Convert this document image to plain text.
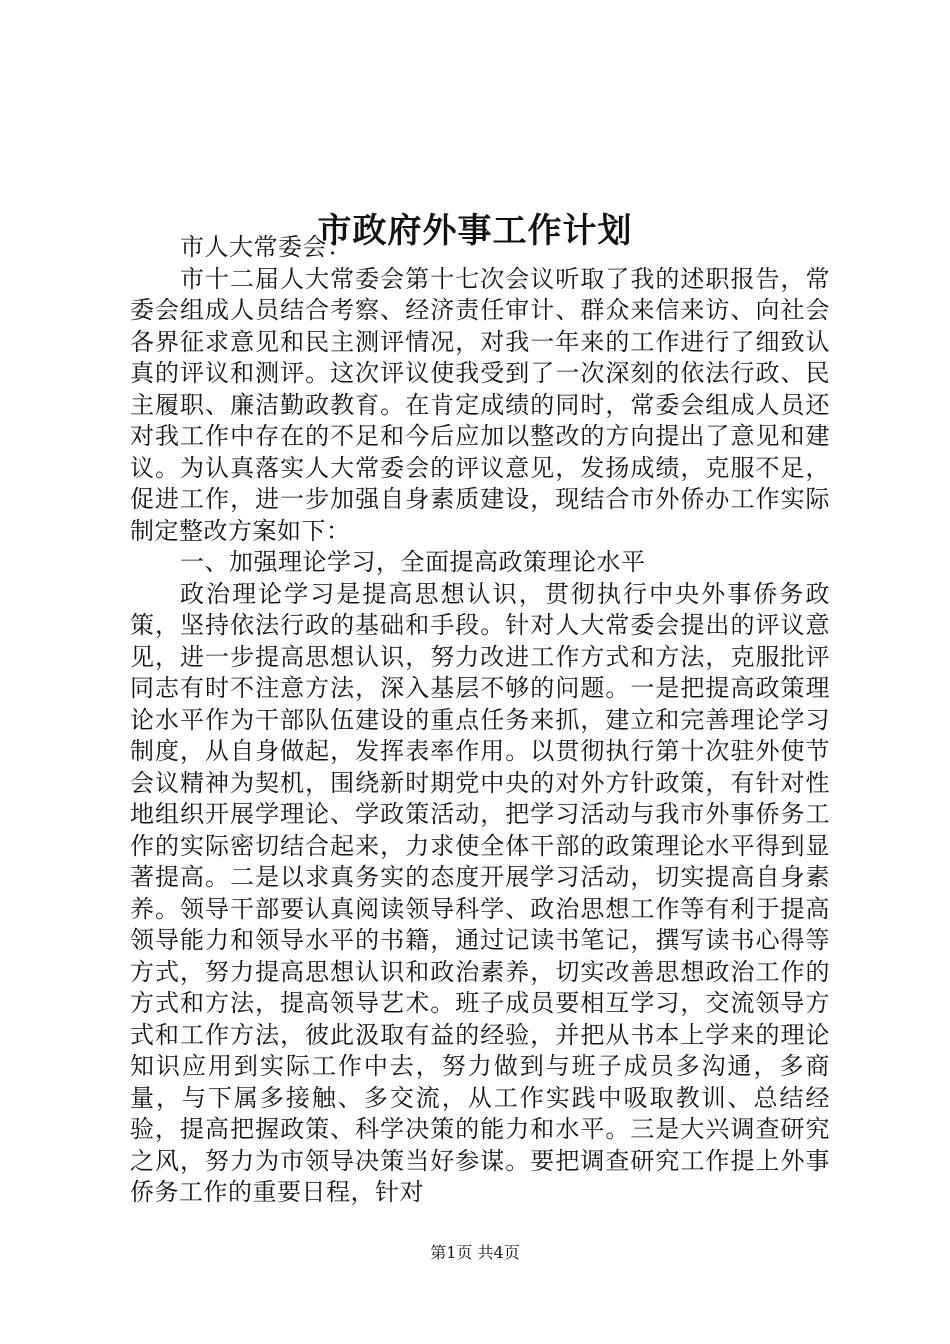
市政府外事工作计划

市人大常委会：

市十二届人大常委会第十七次会议听取了我的述职报告，常委会组成人员结合考察、经济责任审计、群众来信来访、向社会各界征求意见和民主测评情况，对我一年来的工作进行了细致认真的评议和测评。这次评议使我受到了一次深刻的依法行政、民主履职、廉洁勤政教育。在肯定成绩的同时，常委会组成人员还对我工作中存在的不足和今后应加以整改的方向提出了意见和建议。为认真落实人大常委会的评议意见，发扬成绩，克服不足，促进工作，进一步加强自身素质建设，现结合市外侨办工作实际制定整改方案如下：

一、加强理论学习，全面提高政策理论水平

政治理论学习是提高思想认识，贯彻执行中央外事侨务政策，坚持依法行政的基础和手段。针对人大常委会提出的评议意见，进一步提高思想认识，努力改进工作方式和方法，克服批评同志有时不注意方法，深入基层不够的问题。一是把提高政策理论水平作为干部队伍建设的重点任务来抓，建立和完善理论学习制度，从自身做起，发挥表率作用。以贯彻执行第十次驻外使节会议精神为契机，围绕新时期党中央的对外方针政策，有针对性地组织开展学理论、学政策活动，把学习活动与我市外事侨务工作的实际密切结合起来，力求使全体干部的政策理论水平得到显著提高。二是以求真务实的态度开展学习活动，切实提高自身素养。领导干部要认真阅读领导科学、政治思想工作等有利于提高领导能力和领导水平的书籍，通过记读书笔记，撰写读书心得等方式，努力提高思想认识和政治素养，切实改善思想政治工作的方式和方法，提高领导艺术。班子成员要相互学习，交流领导方式和工作方法，彼此汲取有益的经验，并把从书本上学来的理论知识应用到实际工作中去，努力做到与班子成员多沟通，多商量，与下属多接触、多交流，从工作实践中吸取教训、总结经验，提高把握政策、科学决策的能力和水平。三是大兴调查研究之风，努力为市领导决策当好参谋。要把调查研究工作提上外事侨务工作的重要日程，针对

第1页 共4页
